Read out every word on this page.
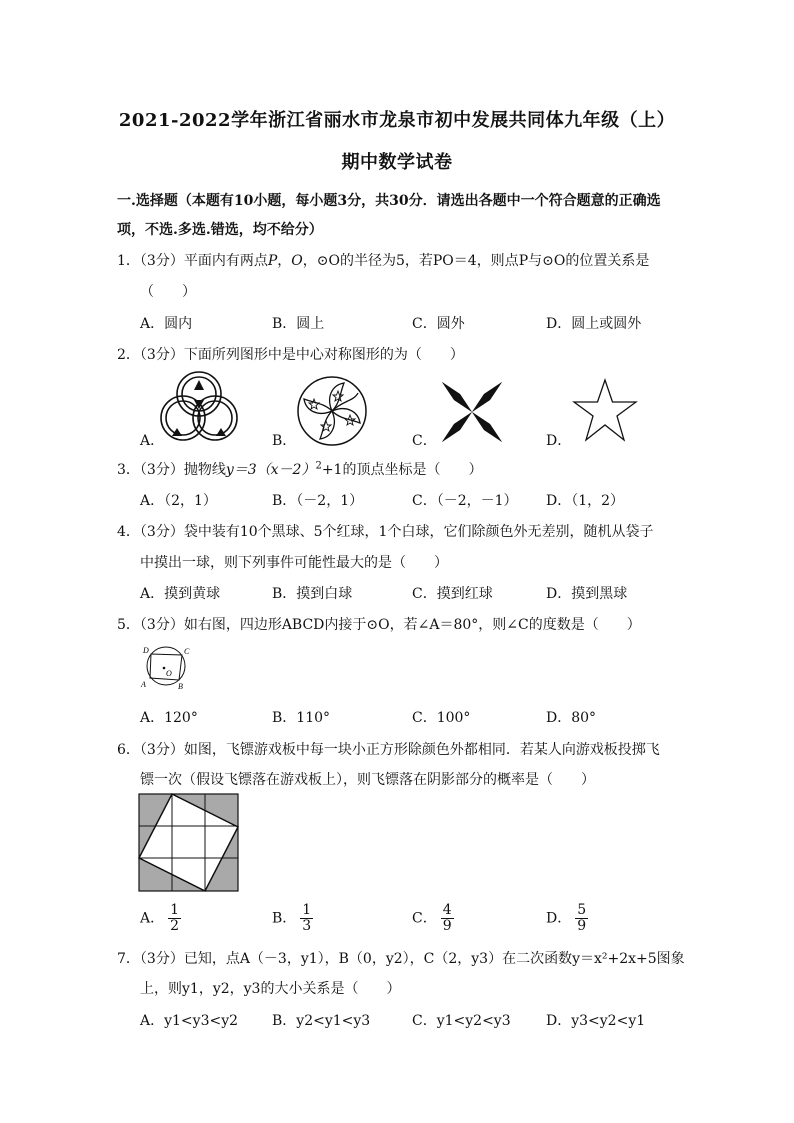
2021-2022学年浙江省丽水市龙泉市初中发展共同体九年级（上）
期中数学试卷
一.选择题（本题有10小题，每小题3分，共30分．请选出各题中一个符合题意的正确选
项，不选.多选.错选，均不给分）
1．（3分）平面内有两点P，O，⊙O的半径为5，若PO＝4，则点P与⊙O的位置关系是
（　　）
A．圆内	B．圆上	C．圆外	D．圆上或圆外
2．（3分）下面所列图形中是中心对称图形的为（　　）
A．	B．	C．	D．
3．（3分）抛物线$y=3(x-2)^2+1$的顶点坐标是（　　）
A．（2，1）	B．（－2，1）	C．（－2，－1） D．（1，2）
4．（3分）袋中装有10个黑球、5个红球，1个白球，它们除颜色外无差别，随机从袋子
中摸出一球，则下列事件可能性最大的是（　　）
A．摸到黄球	B．摸到白球	C．摸到红球	D．摸到黑球
5．（3分）如右图，四边形ABCD内接于⊙O，若∠A＝80°，则∠C的度数是（　　）
D	C
A	B
O
A．120°	B．110°	C．100°	D．80°
6．（3分）如图，飞镖游戏板中每一块小正方形除颜色外都相同．若某人向游戏板投掷飞
镖一次（假设飞镖落在游戏板上），则飞镖落在阴影部分的概率是（　　）
A． $\frac{1}{2}$	B． $\frac{1}{3}$	C． $\frac{4}{9}$	D． $\frac{5}{9}$
7．（3分）已知，点A（－3，y1），B（0，y2），C（2，y3）在二次函数y＝x²+2x+5图象
上，则y1，y2，y3的大小关系是（　　）
A．y1<y3<y2 B．y2<y1<y3	C．y1<y2<y3	D．y3<y2<y1
